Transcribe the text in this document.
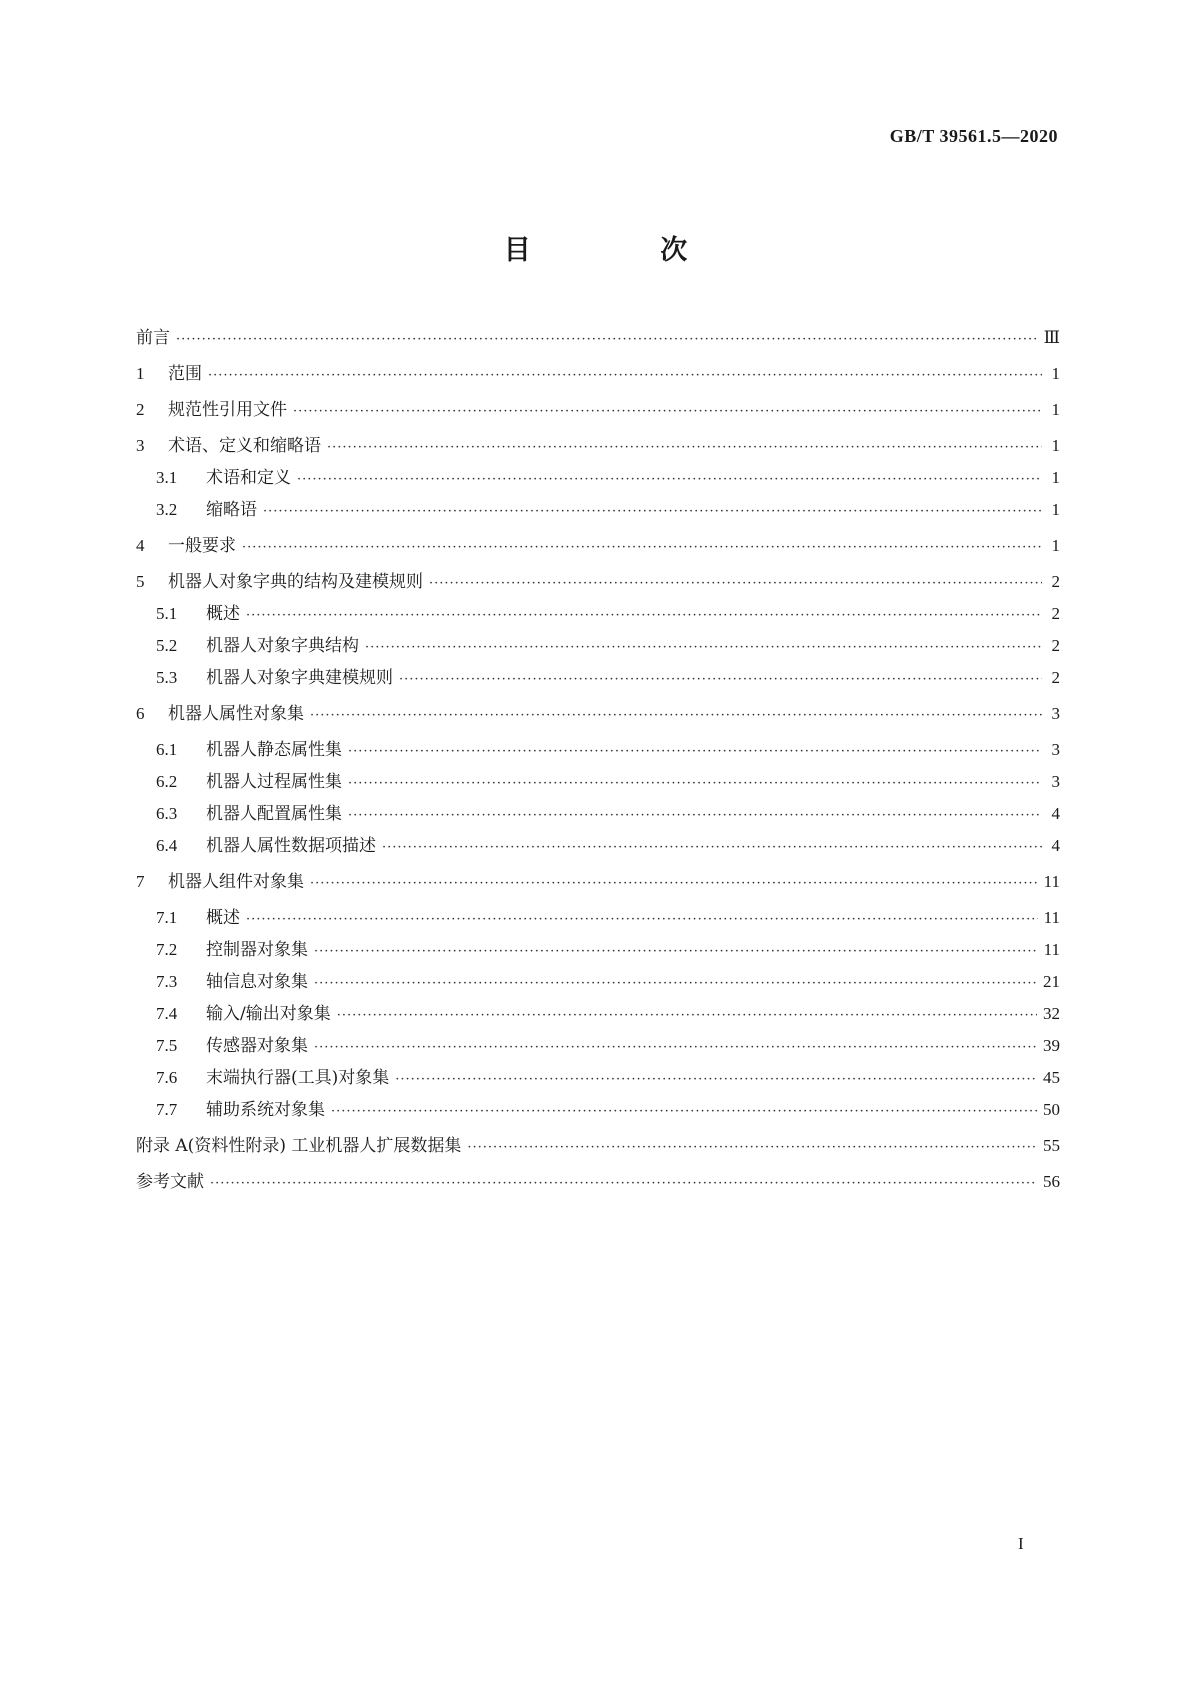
GB/T 39561.5—2020
目 次
前言 ·····	Ⅲ
1	范围 ·····	1
2	规范性引用文件 ·····	1
3	术语、定义和缩略语 ·····	1
3.1	术语和定义 ·····	1
3.2	缩略语 ·····	1
4	一般要求 ·····	1
5	机器人对象字典的结构及建模规则 ·····	2
5.1	概述 ·····	2
5.2	机器人对象字典结构 ·····	2
5.3	机器人对象字典建模规则 ·····	2
6	机器人属性对象集 ·····	3
6.1	机器人静态属性集 ·····	3
6.2	机器人过程属性集 ·····	3
6.3	机器人配置属性集 ·····	4
6.4	机器人属性数据项描述 ·····	4
7	机器人组件对象集 ·····	11
7.1	概述 ·····	11
7.2	控制器对象集 ·····	11
7.3	轴信息对象集 ·····	21
7.4	输入/输出对象集 ·····	32
7.5	传感器对象集 ·····	39
7.6	末端执行器(工具)对象集 ·····	45
7.7	辅助系统对象集 ·····	50
附录 A(资料性附录) 工业机器人扩展数据集 ·····	55
参考文献 ·····	56
I
